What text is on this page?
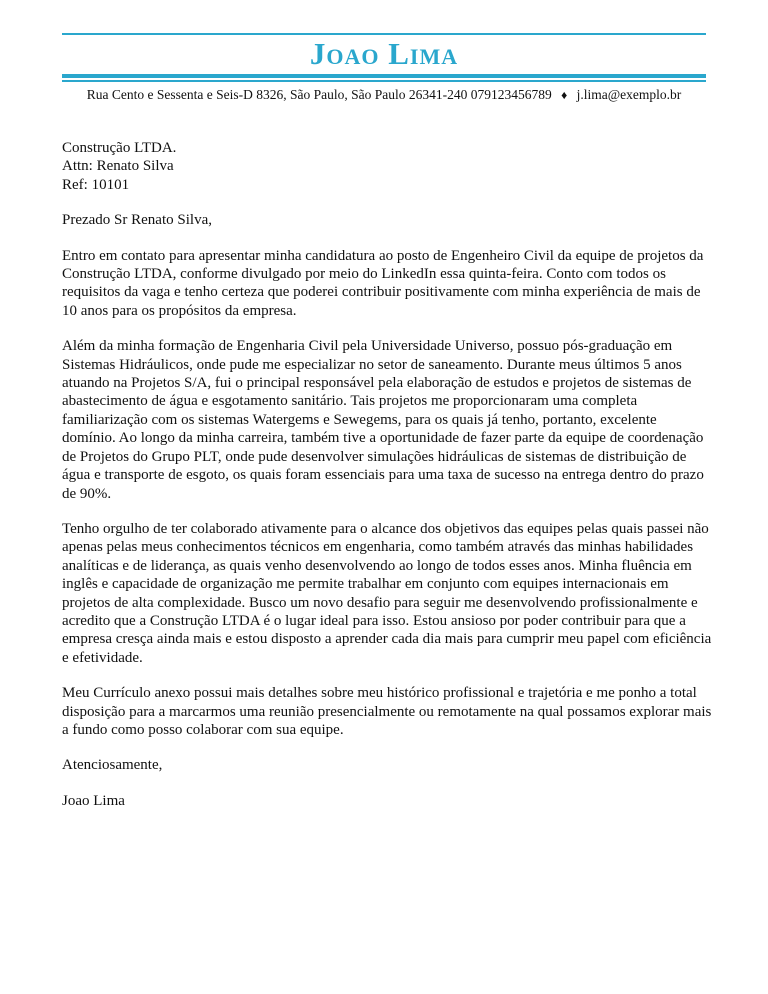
Joao Lima
Rua Cento e Sessenta e Seis-D 8326, São Paulo, São Paulo 26341-240 079123456789 ♦ j.lima@exemplo.br
Construção LTDA.
Attn: Renato Silva
Ref: 10101

Prezado Sr Renato Silva,

Entro em contato para apresentar minha candidatura ao posto de Engenheiro Civil da equipe de projetos da Construção LTDA, conforme divulgado por meio do LinkedIn essa quinta-feira. Conto com todos os requisitos da vaga e tenho certeza que poderei contribuir positivamente com minha experiência de mais de 10 anos para os propósitos da empresa.

Além da minha formação de Engenharia Civil pela Universidade Universo, possuo pós-graduação em Sistemas Hidráulicos, onde pude me especializar no setor de saneamento. Durante meus últimos 5 anos atuando na Projetos S/A, fui o principal responsável pela elaboração de estudos e projetos de sistemas de abastecimento de água e esgotamento sanitário. Tais projetos me proporcionaram uma completa familiarização com os sistemas Watergems e Sewegems, para os quais já tenho, portanto, excelente domínio. Ao longo da minha carreira, também tive a oportunidade de fazer parte da equipe de coordenação de Projetos do Grupo PLT, onde pude desenvolver simulações hidráulicas de sistemas de distribuição de água e transporte de esgoto, os quais foram essenciais para uma taxa de sucesso na entrega dentro do prazo de 90%.

Tenho orgulho de ter colaborado ativamente para o alcance dos objetivos das equipes pelas quais passei não apenas pelas meus conhecimentos técnicos em engenharia, como também através das minhas habilidades analíticas e de liderança, as quais venho desenvolvendo ao longo de todos esses anos. Minha fluência em inglês e capacidade de organização me permite trabalhar em conjunto com equipes internacionais em projetos de alta complexidade. Busco um novo desafio para seguir me desenvolvendo profissionalmente e acredito que a Construção LTDA é o lugar ideal para isso. Estou ansioso por poder contribuir para que a empresa cresça ainda mais e estou disposto a aprender cada dia mais para cumprir meu papel com eficiência e efetividade.

Meu Currículo anexo possui mais detalhes sobre meu histórico profissional e trajetória e me ponho a total disposição para a marcarmos uma reunião presencialmente ou remotamente na qual possamos explorar mais a fundo como posso colaborar com sua equipe.

Atenciosamente,

Joao Lima
